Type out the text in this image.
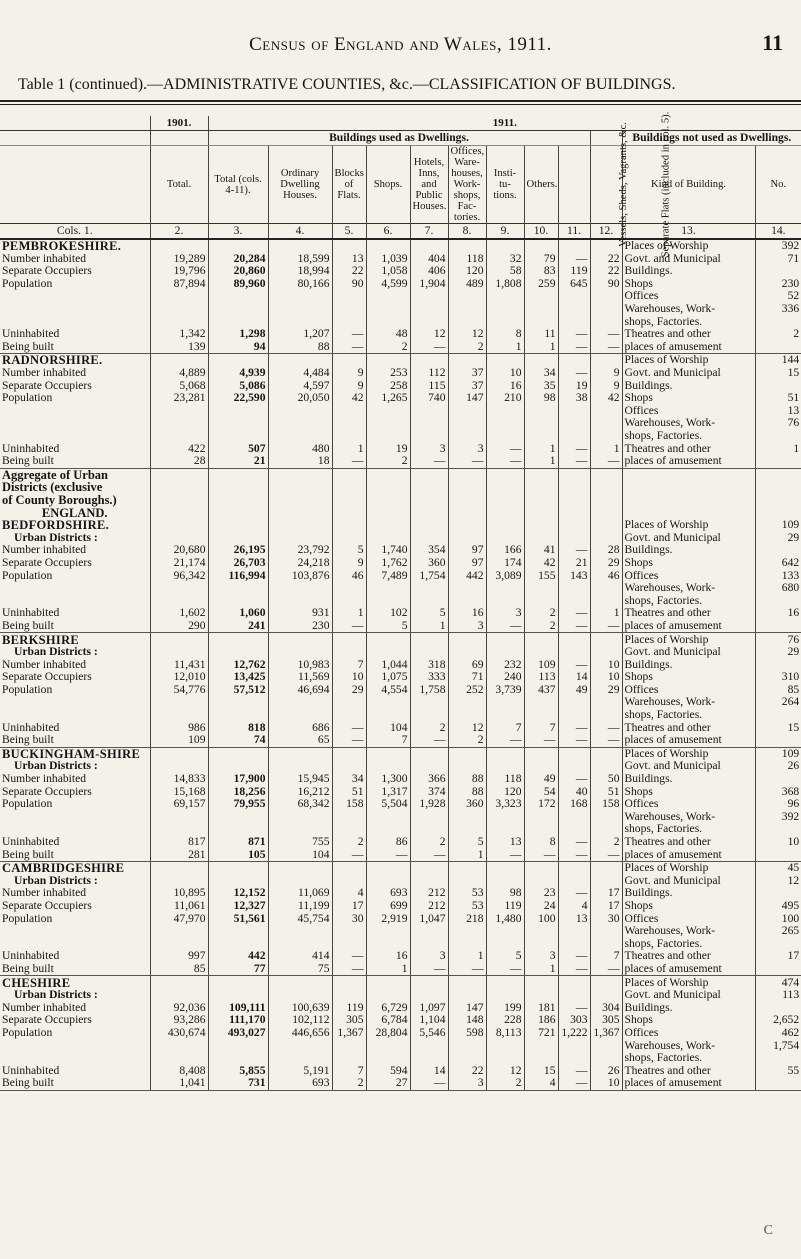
Census of England and Wales, 1911.	11
Table 1 (continued).—ADMINISTRATIVE COUNTIES, &c.—CLASSIFICATION OF BUILDINGS.
	1901.	1911.											
		Buildings used as Dwellings.										Buildings not used as Dwellings.	
	Total.	Total (cols. 4-11).	Ordinary Dwelling Houses.	Blocks of Flats.	Shops.	Hotels, Inns, and Public Houses.	Offices, Ware-houses, Work-shops, Fac-tories.	Insti-tu-tions.	Others.	Vessels, Sheds, Vagrants, &c.	Separate Flats (included in col. 5).	Kind of Building.	No.
Cols. 1.	2.	3.	4.	5.	6.	7.	8.	9.	10.	11.	12.	13.	14.
PEMBROKESHIRE.												Places of Worship	392
Number inhabited	19,289	20,284	18,599	13	1,039	404	118	32	79	—	22	Govt. and Municipal	71
Separate Occupiers	19,796	20,860	18,994	22	1,058	406	120	58	83	119	22	Buildings.	
Population	87,894	89,960	80,166	90	4,599	1,904	489	1,808	259	645	90	Shops	230
												Offices	52
												Warehouses, Work-	336
												shops, Factories.	
Uninhabited	1,342	1,298	1,207	—	48	12	12	8	11	—	—	Theatres and other	2
Being built	139	94	88	—	2	—	2	1	1	—	—	places of amusement	
RADNORSHIRE.												Places of Worship	144
Number inhabited	4,889	4,939	4,484	9	253	112	37	10	34	—	9	Govt. and Municipal	15
Separate Occupiers	5,068	5,086	4,597	9	258	115	37	16	35	19	9	Buildings.	
Population	23,281	22,590	20,050	42	1,265	740	147	210	98	38	42	Shops	51
												Offices	13
												Warehouses, Work-	76
												shops, Factories.	
Uninhabited	422	507	480	1	19	3	3	—	1	—	1	Theatres and other	1
Being built	28	21	18	—	2	—	—	—	1	—	—	places of amusement	
Aggregate of Urban													
Districts (exclusive													
of County Boroughs.)													
ENGLAND.													
BEDFORDSHIRE.												Places of Worship	109
Urban Districts :												Govt. and Municipal	29
Number inhabited	20,680	26,195	23,792	5	1,740	354	97	166	41	—	28	Buildings.	
Separate Occupiers	21,174	26,703	24,218	9	1,762	360	97	174	42	21	29	Shops	642
Population	96,342	116,994	103,876	46	7,489	1,754	442	3,089	155	143	46	Offices	133
												Warehouses, Work-	680
												shops, Factories.	
Uninhabited	1,602	1,060	931	1	102	5	16	3	2	—	1	Theatres and other	16
Being built	290	241	230	—	5	1	3	—	2	—	—	places of amusement	
BERKSHIRE												Places of Worship	76
Urban Districts :												Govt. and Municipal	29
Number inhabited	11,431	12,762	10,983	7	1,044	318	69	232	109	—	10	Buildings.	
Separate Occupiers	12,010	13,425	11,569	10	1,075	333	71	240	113	14	10	Shops	310
Population	54,776	57,512	46,694	29	4,554	1,758	252	3,739	437	49	29	Offices	85
												Warehouses, Work-	264
												shops, Factories.	
Uninhabited	986	818	686	—	104	2	12	7	7	—	—	Theatres and other	15
Being built	109	74	65	—	7	—	2	—	—	—	—	places of amusement	
BUCKINGHAM-SHIRE												Places of Worship	109
Urban Districts :												Govt. and Municipal	26
Number inhabited	14,833	17,900	15,945	34	1,300	366	88	118	49	—	50	Buildings.	
Separate Occupiers	15,168	18,256	16,212	51	1,317	374	88	120	54	40	51	Shops	368
Population	69,157	79,955	68,342	158	5,504	1,928	360	3,323	172	168	158	Offices	96
												Warehouses, Work-	392
												shops, Factories.	
Uninhabited	817	871	755	2	86	2	5	13	8	—	2	Theatres and other	10
Being built	281	105	104	—	—	—	1	—	—	—	—	places of amusement	
CAMBRIDGESHIRE												Places of Worship	45
Urban Districts :												Govt. and Municipal	12
Number inhabited	10,895	12,152	11,069	4	693	212	53	98	23	—	17	Buildings.	
Separate Occupiers	11,061	12,327	11,199	17	699	212	53	119	24	4	17	Shops	495
Population	47,970	51,561	45,754	30	2,919	1,047	218	1,480	100	13	30	Offices	100
												Warehouses, Work-	265
												shops, Factories.	
Uninhabited	997	442	414	—	16	3	1	5	3	—	7	Theatres and other	17
Being built	85	77	75	—	1	—	—	—	1	—	—	places of amusement	
CHESHIRE												Places of Worship	474
Urban Districts :												Govt. and Municipal	113
Number inhabited	92,036	109,111	100,639	119	6,729	1,097	147	199	181	—	304	Buildings.	
Separate Occupiers	93,286	111,170	102,112	305	6,784	1,104	148	228	186	303	305	Shops	2,652
Population	430,674	493,027	446,656	1,367	28,804	5,546	598	8,113	721	1,222	1,367	Offices	462
												Warehouses, Work-	1,754
												shops, Factories.	
Uninhabited	8,408	5,855	5,191	7	594	14	22	12	15	—	26	Theatres and other	55
Being built	1,041	731	693	2	27	—	3	2	4	—	10	places of amusement	
C
